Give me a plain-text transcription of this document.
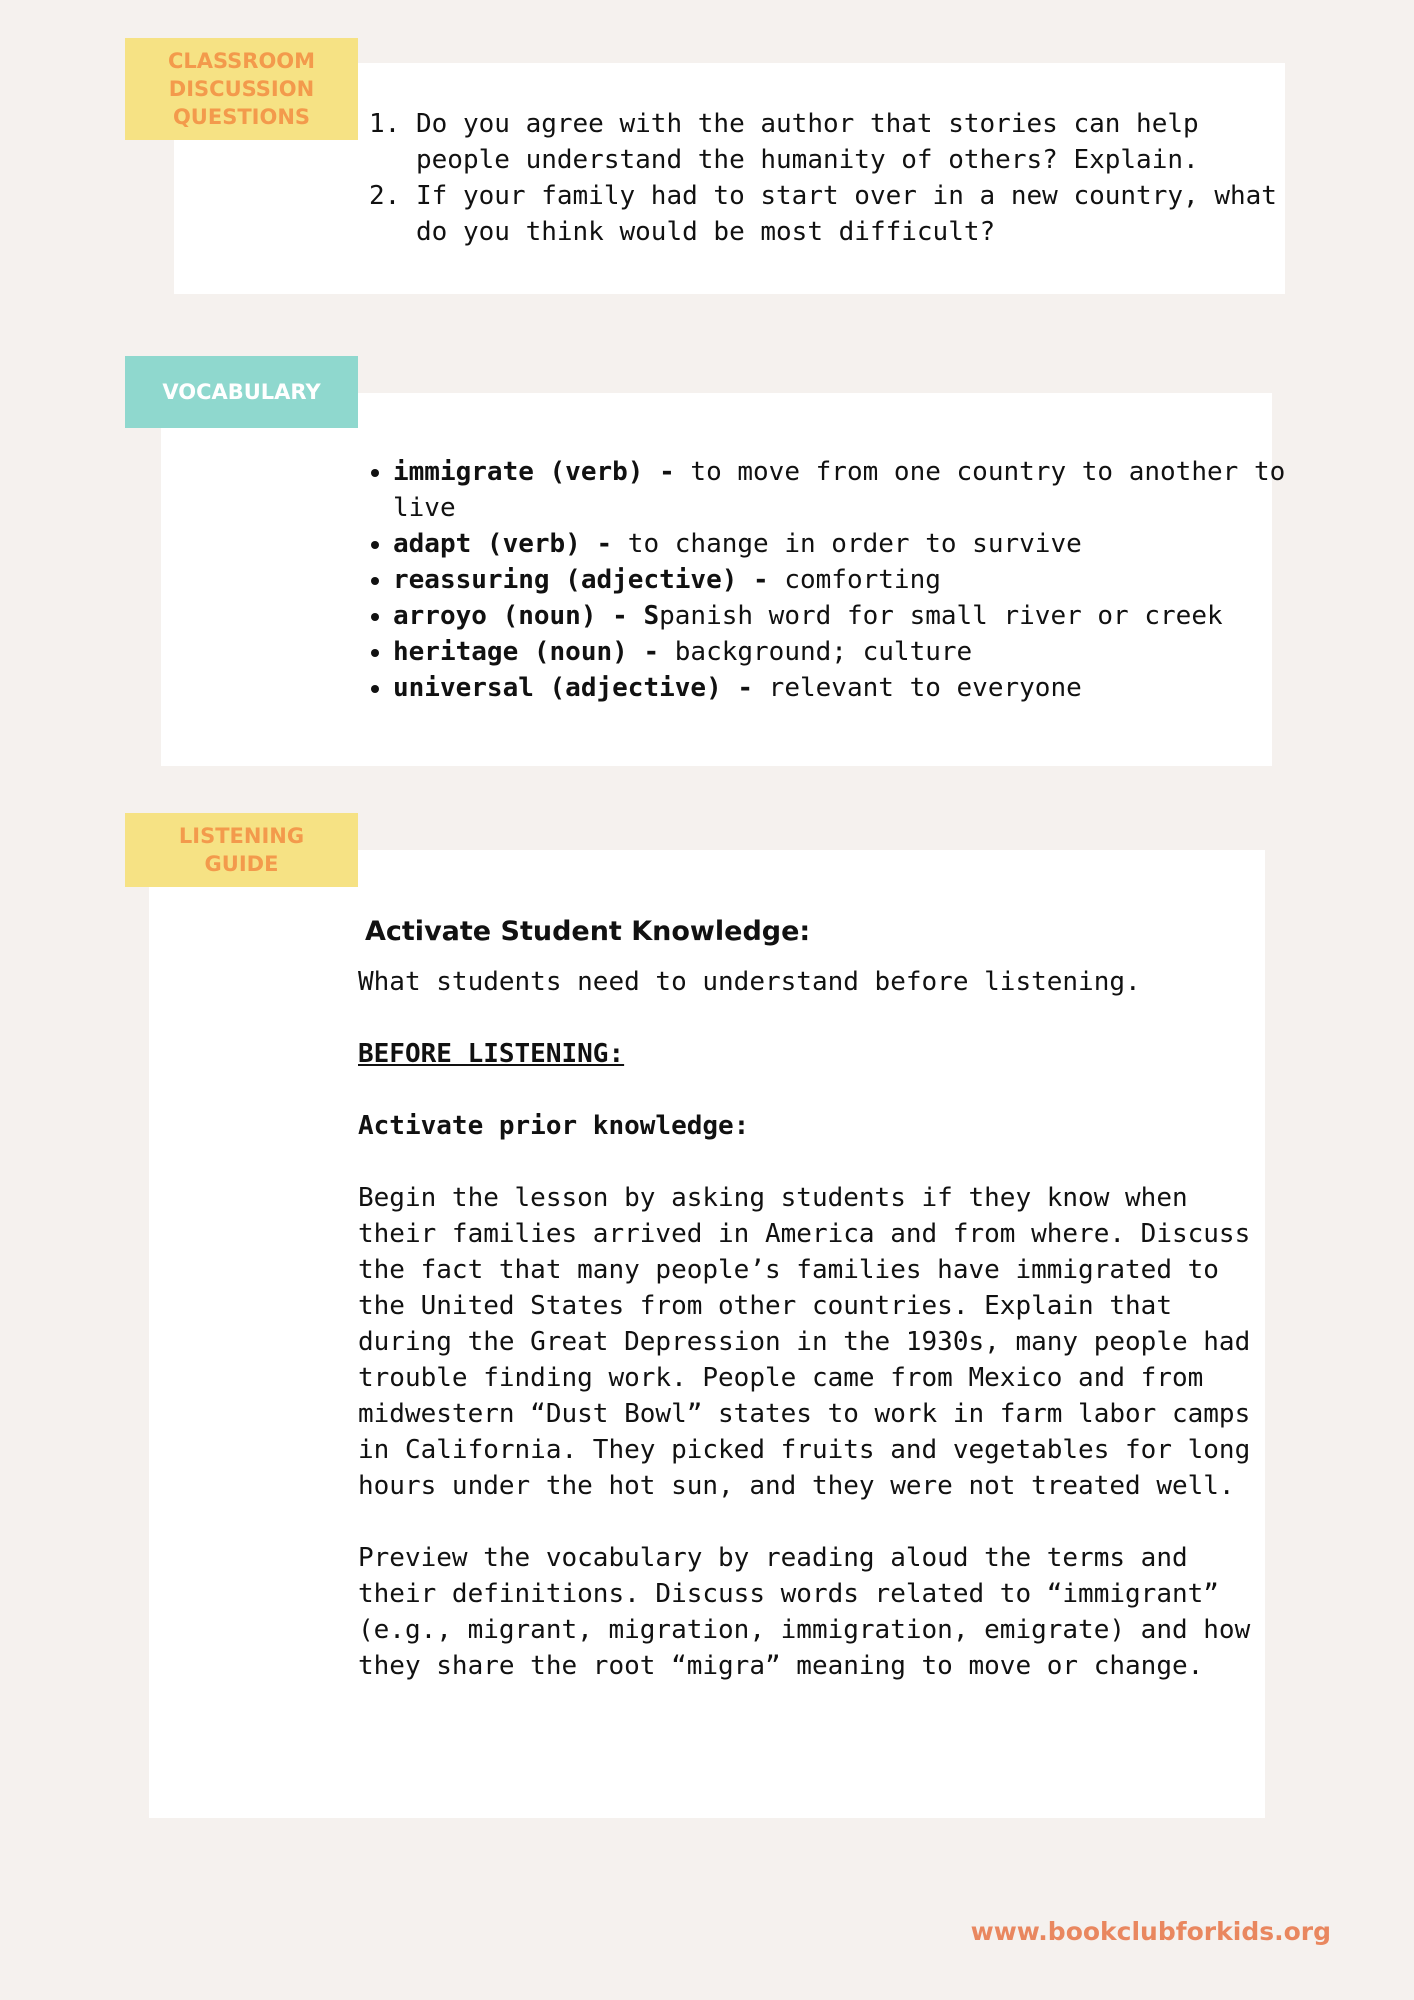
CLASSROOM DISCUSSION QUESTIONS
1.	Do you agree with the author that stories can help people understand the humanity of others? Explain.
2. If your family had to start over in a new country, what do you think would be most difficult?
VOCABULARY
• immigrate (verb) - to move from one country to another to live
• adapt (verb) - to change in order to survive
• reassuring (adjective) - comforting
• arroyo (noun) - Spanish word for small river or creek
• heritage (noun) - background; culture
• universal (adjective) - relevant to everyone
LISTENING GUIDE
Activate Student Knowledge:

What students need to understand before listening.

BEFORE LISTENING:

Activate prior knowledge:

Begin the lesson by asking students if they know when their families arrived in America and from where. Discuss the fact that many people’s families have immigrated to the United States from other countries. Explain that during the Great Depression in the 1930s, many people had trouble finding work. People came from Mexico and from midwestern “Dust Bowl” states to work in farm labor camps in California. They picked fruits and vegetables for long hours under the hot sun, and they were not treated well.

Preview the vocabulary by reading aloud the terms and their definitions. Discuss words related to “immigrant” (e.g., migrant, migration, immigration, emigrate) and how they share the root “migra” meaning to move or change.

www.bookclubforkids.org
